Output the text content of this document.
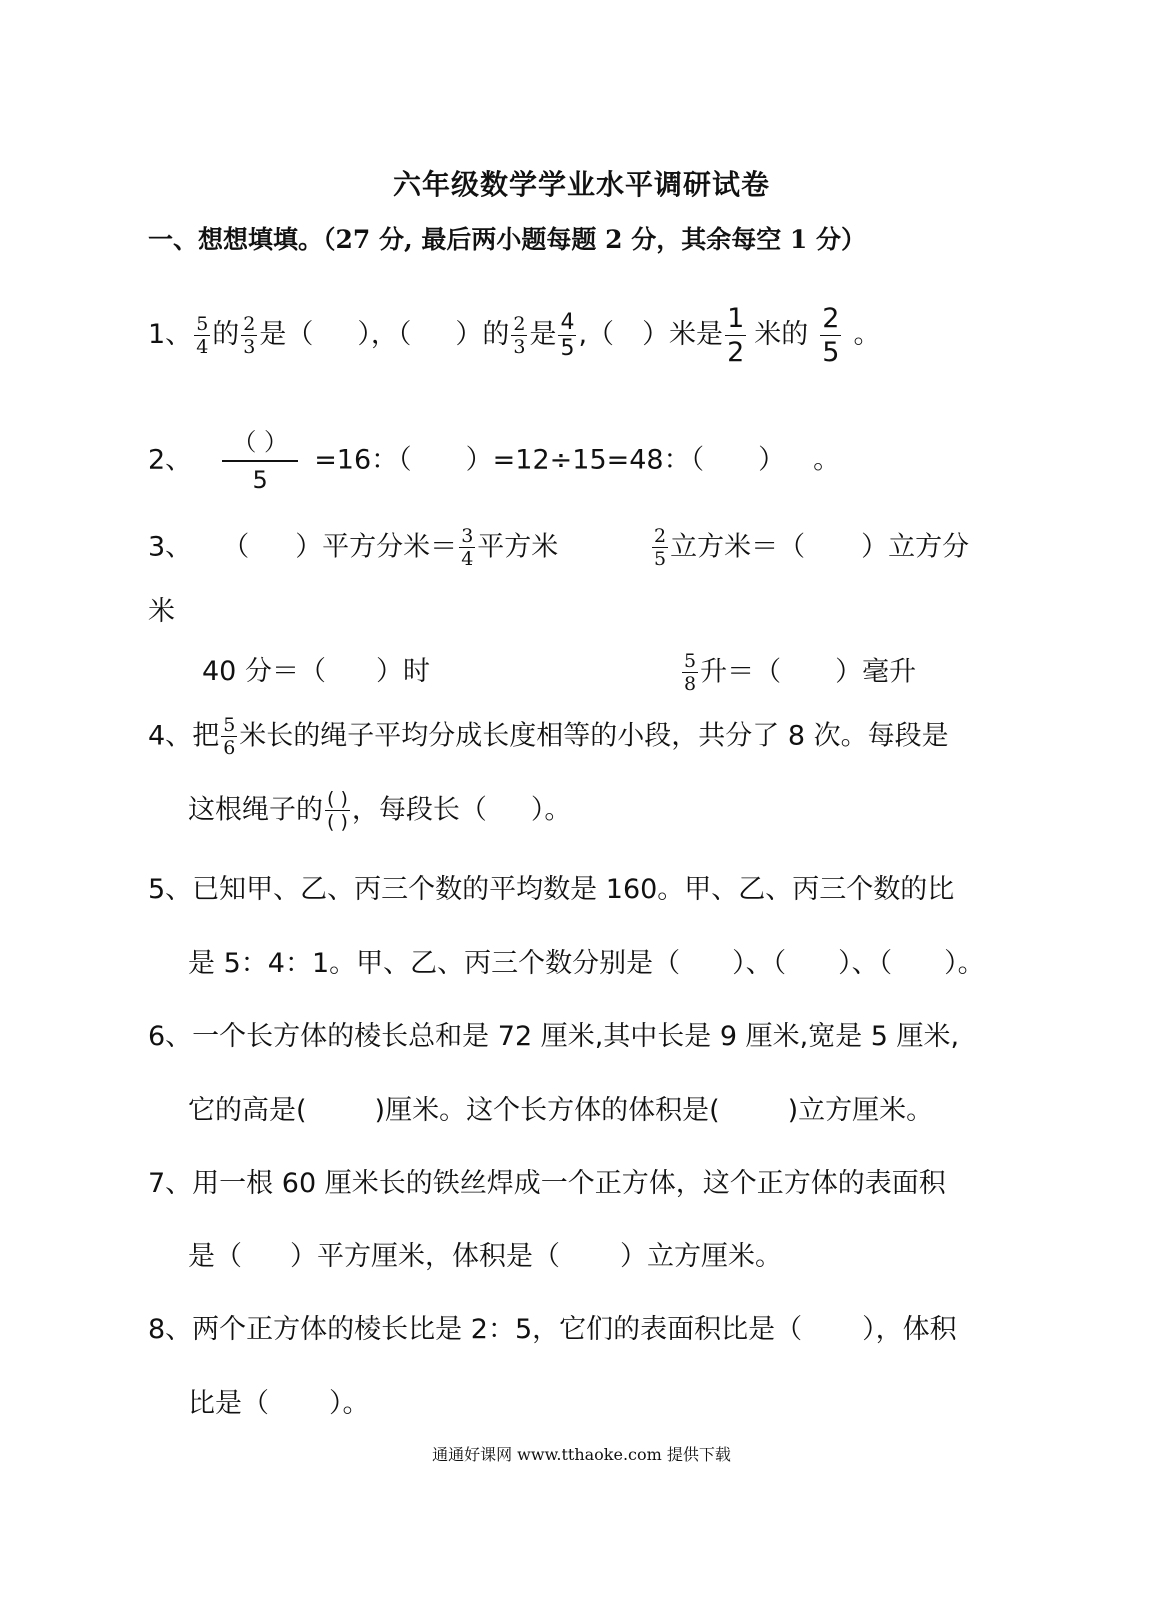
六年级数学学业水平调研试卷
一、想想填填。（27 分, 最后两小题每题 2 分，其余每空 1 分）
1、 $\frac{5}{4}$ 的 $\frac{2}{3}$ 是（ ），（ ）的 $\frac{2}{3}$ 是 $\frac{4}{5}$ ,（ ）米是 $\frac{1}{2}$ 米的 $\frac{2}{5}$ 。
2、 $\frac{( )}{5} =16$：（ ）=12÷15=48：（ ） 。
3、 （ ）平方分米＝ $\frac{3}{4}$ 平方米	$\frac{2}{5}$ 立方米＝（ ）立方分
米
40 分＝（ ）时	$\frac{5}{8}$ 升＝（ ）毫升
4、把 $\frac{5}{6}$ 米长的绳子平均分成长度相等的小段，共分了 8 次。每段是
这根绳子的 $\frac{( )}{( )}$ ，每段长（ ）。
5、已知甲、乙、丙三个数的平均数是 160。甲、乙、丙三个数的比
是 5：4：1。甲、乙、丙三个数分别是（ ）、（ ）、（ ）。
6、一个长方体的棱长总和是 72 厘米,其中长是 9 厘米,宽是 5 厘米,
它的高是(	)厘米。这个长方体的体积是(	)立方厘米。
7、用一根 60 厘米长的铁丝焊成一个正方体，这个正方体的表面积
是（ ）平方厘米，体积是（ ）立方厘米。
8、两个正方体的棱长比是 2：5，它们的表面积比是（ ），体积
比是（ ）。
通通好课网 www.tthaoke.com 提供下载
